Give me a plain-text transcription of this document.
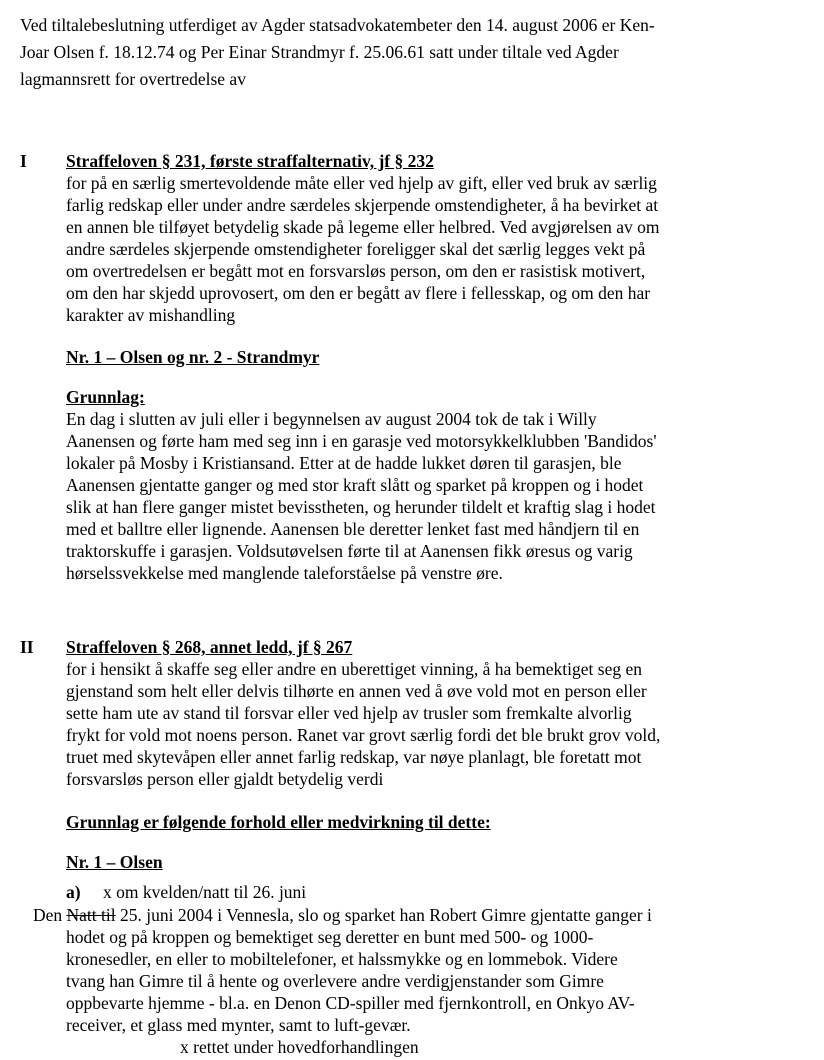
Ved tiltalebeslutning utferdiget av Agder statsadvokatembeter den 14. august 2006 er Ken-
Joar Olsen f. 18.12.74 og Per Einar Strandmyr f. 25.06.61 satt under tiltale ved Agder
lagmannsrett for overtredelse av
I Straffeloven § 231, første straffalternativ, jf § 232
for på en særlig smertevoldende måte eller ved hjelp av gift, eller ved bruk av særlig
farlig redskap eller under andre særdeles skjerpende omstendigheter, å ha bevirket at
en annen ble tilføyet betydelig skade på legeme eller helbred. Ved avgjørelsen av om
andre særdeles skjerpende omstendigheter foreligger skal det særlig legges vekt på
om overtredelsen er begått mot en forsvarsløs person, om den er rasistisk motivert,
om den har skjedd uprovosert, om den er begått av flere i fellesskap, og om den har
karakter av mishandling
Nr. 1 – Olsen og nr. 2 - Strandmyr
Grunnlag:
En dag i slutten av juli eller i begynnelsen av august 2004 tok de tak i Willy
Aanensen og førte ham med seg inn i en garasje ved motorsykkelklubben 'Bandidos'
lokaler på Mosby i Kristiansand. Etter at de hadde lukket døren til garasjen, ble
Aanensen gjentatte ganger og med stor kraft slått og sparket på kroppen og i hodet
slik at han flere ganger mistet bevisstheten, og herunder tildelt et kraftig slag i hodet
med et balltre eller lignende. Aanensen ble deretter lenket fast med håndjern til en
traktorskuffe i garasjen. Voldsutøvelsen førte til at Aanensen fikk øresus og varig
hørselssvekkelse med manglende taleforståelse på venstre øre.
II Straffeloven § 268, annet ledd, jf § 267
for i hensikt å skaffe seg eller andre en uberettiget vinning, å ha bemektiget seg en
gjenstand som helt eller delvis tilhørte en annen ved å øve vold mot en person eller
sette ham ute av stand til forsvar eller ved hjelp av trusler som fremkalte alvorlig
frykt for vold mot noens person. Ranet var grovt særlig fordi det ble brukt grov vold,
truet med skytevåpen eller annet farlig redskap, var nøye planlagt, ble foretatt mot
forsvarsløs person eller gjaldt betydelig verdi
Grunnlag er følgende forhold eller medvirkning til dette:
Nr. 1 – Olsen
a) x om kvelden/natt til 26. juni
Den Natt til 25. juni 2004 i Vennesla, slo og sparket han Robert Gimre gjentatte ganger i
hodet og på kroppen og bemektiget seg deretter en bunt med 500- og 1000-
kronesedler, en eller to mobiltelefoner, et halssmykke og en lommebok. Videre
tvang han Gimre til å hente og overlevere andre verdigjenstander som Gimre
oppbevarte hjemme - bl.a. en Denon CD-spiller med fjernkontroll, en Onkyo AV-
receiver, et glass med mynter, samt to luft-gevær.
x rettet under hovedforhandlingen
